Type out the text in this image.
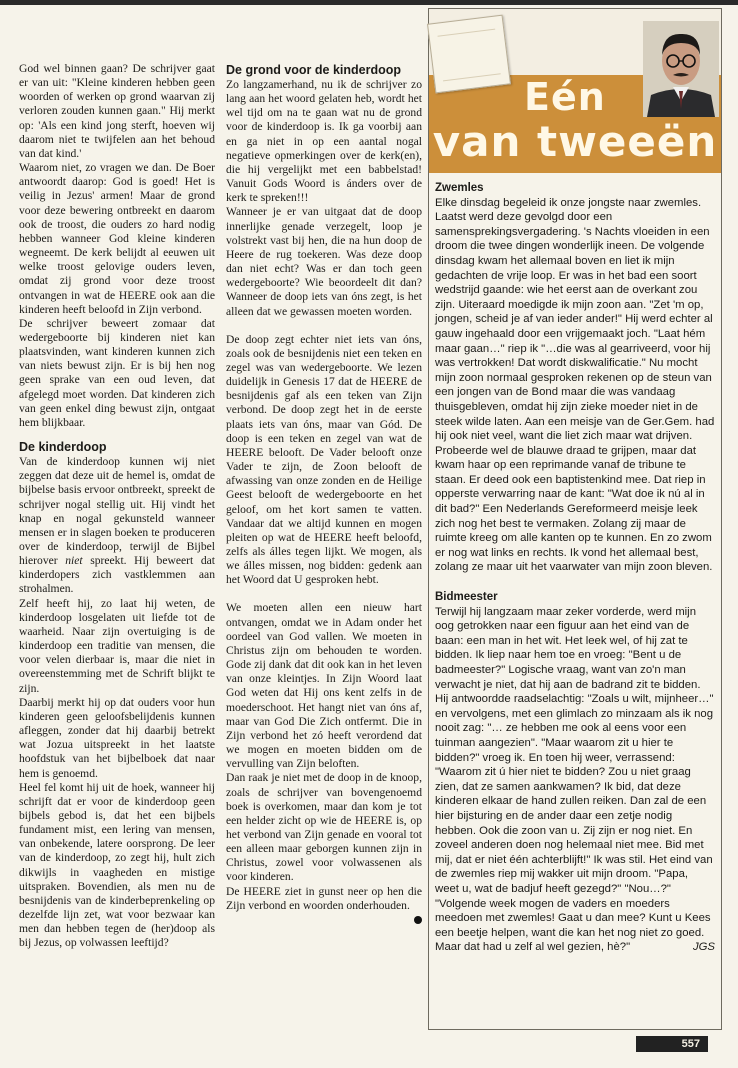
God wel binnen gaan? De schrijver gaat er van uit: "Kleine kinderen hebben geen woorden of werken op grond waarvan zij verloren zouden kunnen gaan." Hij merkt op: 'Als een kind jong sterft, hoeven wij daarom niet te twijfelen aan het behoud van dat kind.'

Waarom niet, zo vragen we dan. De Boer antwoordt daarop: God is goed! Het is veilig in Jezus' armen! Maar de grond voor deze bewering ontbreekt en daarom ook de troost, die ouders zo hard nodig hebben wanneer God kleine kinderen wegneemt. De kerk belijdt al eeuwen uit welke troost gelovige ouders leven, omdat zij grond voor deze troost ontvangen in wat de HEERE ook aan die kinderen heeft beloofd in Zijn verbond.

De schrijver beweert zomaar dat wedergeboorte bij kinderen niet kan plaatsvinden, want kinderen kunnen zich van niets bewust zijn. Er is bij hen nog geen sprake van een oud leven, dat afgelegd moet worden. Dat kinderen zich van geen enkel ding bewust zijn, ontgaat hem blijkbaar.

De kinderdoop

Van de kinderdoop kunnen wij niet zeggen dat deze uit de hemel is, omdat de bijbelse basis ervoor ontbreekt, spreekt de schrijver nogal stellig uit. Hij vindt het knap en nogal gekunsteld wanneer mensen er in slagen boeken te produceren over de kinderdoop, terwijl de Bijbel hierover niet spreekt. Hij beweert dat kinderdopers zich vastklemmen aan strohalmen.

Zelf heeft hij, zo laat hij weten, de kinderdoop losgelaten uit liefde tot de waarheid. Naar zijn overtuiging is de kinderdoop een traditie van mensen, die voor velen dierbaar is, maar die niet in overeenstemming met de Schrift blijkt te zijn.

Daarbij merkt hij op dat ouders voor hun kinderen geen geloofsbelijdenis kunnen afleggen, zonder dat hij daarbij betrekt wat Jozua uitspreekt in het laatste hoofdstuk van het bijbelboek dat naar hem is genoemd.

Heel fel komt hij uit de hoek, wanneer hij schrijft dat er voor de kinderdoop geen bijbels gebod is, dat het een bijbels fundament mist, een lering van mensen, van onbekende, latere oorsprong. De leer van de kinderdoop, zo zegt hij, hult zich dikwijls in vaagheden en mistige uitspraken. Bovendien, als men nu de besnijdenis van de kinderbeprenkeling op dezelfde lijn zet, wat voor bezwaar kan men dan hebben tegen de (her)doop als bij Jezus, op volwassen leeftijd?

De grond voor de kinderdoop

Zo langzamerhand, nu ik de schrijver zo lang aan het woord gelaten heb, wordt het wel tijd om na te gaan wat nu de grond voor de kinderdoop is. Ik ga voorbij aan en ga niet in op een aantal nogal negatieve opmerkingen over de kerk(en), die hij vergelijkt met een babbelstad! Vanuit Gods Woord is ánders over de kerk te spreken!!!

Wanneer je er van uitgaat dat de doop innerlijke genade verzegelt, loop je volstrekt vast bij hen, die na hun doop de Heere de rug toekeren. Was deze doop dan niet echt? Was er dan toch geen wedergeboorte? Wie beoordeelt dit dan? Wanneer de doop iets van óns zegt, is het alleen dat we gewassen moeten worden.

De doop zegt echter niet iets van óns, zoals ook de besnijdenis niet een teken en zegel was van wedergeboorte. We lezen duidelijk in Genesis 17 dat de HEERE de besnijdenis gaf als een teken van Zijn verbond. De doop zegt het in de eerste plaats iets van óns, maar van Gód. De doop is een teken en zegel van wat de HEERE belooft. De Vader belooft onze Vader te zijn, de Zoon belooft de afwassing van onze zonden en de Heilige Geest belooft de wedergeboorte en het geloof, om het kort samen te vatten. Vandaar dat we altijd kunnen en mogen pleiten op wat de HEERE heeft beloofd, zelfs als álles tegen lijkt. We mogen, als we álles missen, nog bidden: gedenk aan het Woord dat U gesproken hebt.

We moeten allen een nieuw hart ontvangen, omdat we in Adam onder het oordeel van God vallen. We moeten in Christus zijn om behouden te worden. Gode zij dank dat dit ook kan in het leven van onze kleintjes. In Zijn Woord laat God weten dat Hij ons kent zelfs in de moederschoot. Het hangt niet van óns af, maar van God Die Zich ontfermt. Die in Zijn verbond het zó heeft verordend dat we mogen en moeten bidden om de vervulling van Zijn beloften.

Dan raak je niet met de doop in de knoop, zoals de schrijver van bovengenoemd boek is overkomen, maar dan kom je tot een helder zicht op wie de HEERE is, op het verbond van Zijn genade en vooral tot een alleen maar geborgen kunnen zijn in Christus, zowel voor volwassenen als voor kinderen.

De HEERE ziet in gunst neer op hen die Zijn verbond en woorden onderhouden.

Eén
van tweeën
Zwemles

Elke dinsdag begeleid ik onze jongste naar zwemles. Laatst werd deze gevolgd door een samensprekingsvergadering. 's Nachts vloeiden in een droom die twee dingen wonderlijk ineen. De volgende dinsdag kwam het allemaal boven en liet ik mijn gedachten de vrije loop. Er was in het bad een soort wedstrijd gaande: wie het eerst aan de overkant zou zijn. Uiteraard moedigde ik mijn zoon aan. "Zet 'm op, jongen, scheid je af van ieder ander!" Hij werd echter al gauw ingehaald door een vrijgemaakt joch. "Laat hém maar gaan…" riep ik "…die was al gearriveerd, voor hij was vertrokken! Dat wordt diskwalificatie." Nu mocht mijn zoon normaal gesproken rekenen op de steun van een jongen van de Bond maar die was vandaag thuisgebleven, omdat hij zijn zieke moeder niet in de steek wilde laten. Aan een meisje van de Ger.Gem. had hij ook niet veel, want die liet zich maar wat drijven. Probeerde wel de blauwe draad te grijpen, maar dat kwam haar op een reprimande vanaf de tribune te staan. Er deed ook een baptistenkind mee. Dat riep in opperste verwarring naar de kant: "Wat doe ik nú al in dit bad?" Een Nederlands Gereformeerd meisje leek zich nog het best te vermaken. Zolang zij maar de ruimte kreeg om alle kanten op te kunnen. En zo zwom er nog wat links en rechts. Ik vond het allemaal best, zolang ze maar uit het vaarwater van mijn zoon bleven.

Bidmeester

Terwijl hij langzaam maar zeker vorderde, werd mijn oog getrokken naar een figuur aan het eind van de baan: een man in het wit. Het leek wel, of hij zat te bidden. Ik liep naar hem toe en vroeg: "Bent u de badmeester?" Logische vraag, want van zo'n man verwacht je niet, dat hij aan de badrand zit te bidden. Hij antwoordde raadselachtig: "Zoals u wilt, mijnheer…" en vervolgens, met een glimlach zo minzaam als ik nog nooit zag: "… ze hebben me ook al eens voor een tuinman aangezien". "Maar waarom zit u hier te bidden?" vroeg ik. En toen hij weer, verrassend: "Waarom zit ú hier niet te bidden? Zou u niet graag zien, dat ze samen aankwamen? Ik bid, dat deze kinderen elkaar de hand zullen reiken. Dan zal de een hier bijsturing en de ander daar een zetje nodig hebben. Ook die zoon van u. Zij zijn er nog niet. En zoveel anderen doen nog helemaal niet mee. Bid met mij, dat er niet één achterblijft!" Ik was stil. Het eind van de zwemles riep mij wakker uit mijn droom. "Papa, weet u, wat de badjuf heeft gezegd?" "Nou…?" "Volgende week mogen de vaders en moeders meedoen met zwemles! Gaat u dan mee? Kunt u Kees een beetje helpen, want die kan het nog niet zo goed. Maar dat had u zelf al wel gezien, hè?"	JGS
557
